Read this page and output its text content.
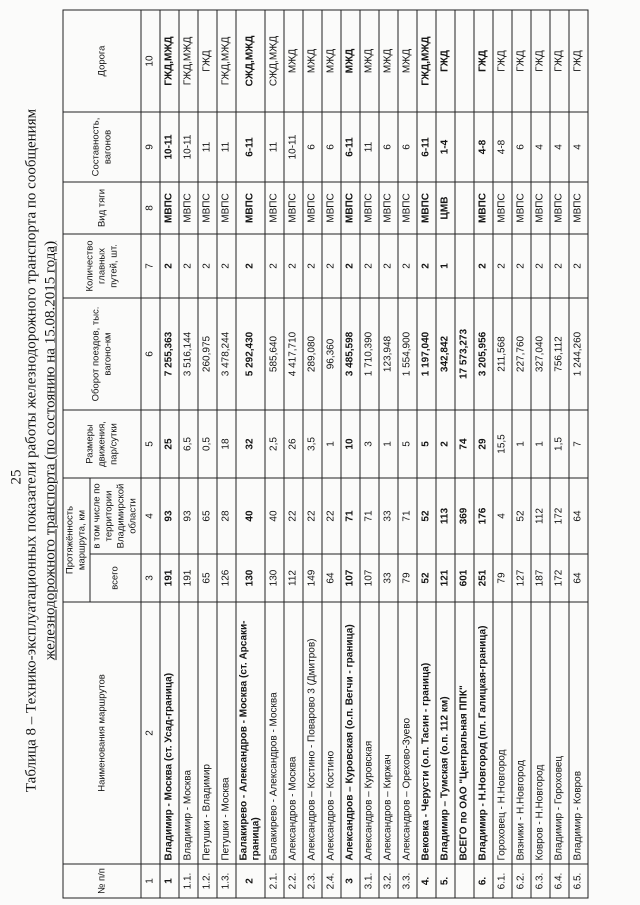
25 Таблица 8 – Технико-эксплуатационных показатели работы железнодорожного транспорта по сообщениям железнодорожного транспорта (по состоянию на 15.08.2015 года)
№ п/п	Наименования маршрутов	Протяжённость маршрута, км		Размеры движения, пар/сутки	Оборот поездов, тыс. вагоно-км	Количество главных путей, шт.	Вид тяги	Составность, вагонов	Дорога
		всего	в том числе по территории Владимирской области						
1	2	3	4	5	6	7	8	9	10
1	Владимир - Москва (ст. Усад-граница)	191	93	25	7 255,363	2	МВПС	10-11	ГЖД,МЖД
1.1.	Владимир - Москва	191	93	6,5	3 516,144	2	МВПС	10-11	ГЖД,МЖД
1.2.	Петушки - Владимир	65	65	0,5	260,975	2	МВПС	11	ГЖД
1.3.	Петушки - Москва	126	28	18	3 478,244	2	МВПС	11	ГЖД,МЖД
2	Балакирево - Александров - Москва (ст. Арсаки-граница)	130	40	32	5 292,430	2	МВПС	6-11	СЖД,МЖД
2.1.	Балакирево - Александров - Москва	130	40	2,5	585,640	2	МВПС	11	СЖД,МЖД
2.2.	Александров - Москва	112	22	26	4 417,710	2	МВПС	10-11	МЖД
2.3.	Александров – Костино - Поварово 3 (Дмитров)	149	22	3,5	289,080	2	МВПС	6	МЖД
2.4.	Александров – Костино	64	22	1	96,360	2	МВПС	6	МЖД
3	Александров – Куровская (о.п. Вегчи - граница)	107	71	10	3 485,598	2	МВПС	6-11	МЖД
3.1.	Александров – Куровская	107	71	3	1 710,390	2	МВПС	11	МЖД
3.2.	Александров – Киржач	33	33	1	123,948	2	МВПС	6	МЖД
3.3.	Александров – Орехово-Зуево	79	71	5	1 554,900	2	МВПС	6	МЖД
4.	Вековка - Черусти (о.п. Тасин - граница)	52	52	5	1 197,040	2	МВПС	6-11	ГЖД,МЖД
5.	Владимир – Тумская (о.п. 112 км)	121	113	2	342,842	1	ЦМВ	1-4	ГЖД
	ВСЕГО по ОАО "Центральная ППК"	601	369	74	17 573,273				
6.	Владимир - Н.Новгород (пл. Галицкая-граница)	251	176	29	3 205,956	2	МВПС	4-8	ГЖД
6.1.	Гороховец - Н.Новгород	79	4	15,5	211,568	2	МВПС	4-8	ГЖД
6.2.	Вязники - Н.Новгород	127	52	1	227,760	2	МВПС	6	ГЖД
6.3.	Ковров - Н.Новгород	187	112	1	327,040	2	МВПС	4	ГЖД
6.4.	Владимир - Гороховец	172	172	1,5	756,112	2	МВПС	4	ГЖД
6.5.	Владимир - Ковров	64	64	7	1 244,260	2	МВПС	4	ГЖД
